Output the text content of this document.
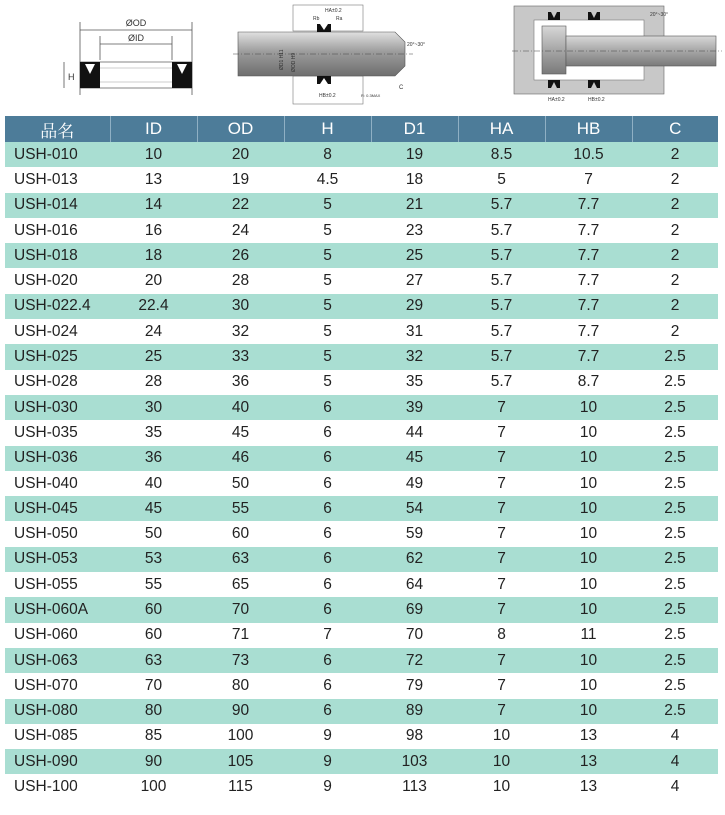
ØOD
ØID
H
HA±0.2
Rb	Ra
20°~30°
ØD1 H11 ØOD H9
HB±0.2
C
R: 0.3MAX
20°~30°
HA±0.2	HB±0.2
品名	ID	OD	H	D1	HA	HB	C
USH-010	10	20	8	19	8.5	10.5	2
USH-013	13	19	4.5	18	5	7	2
USH-014	14	22	5	21	5.7	7.7	2
USH-016	16	24	5	23	5.7	7.7	2
USH-018	18	26	5	25	5.7	7.7	2
USH-020	20	28	5	27	5.7	7.7	2
USH-022.4	22.4	30	5	29	5.7	7.7	2
USH-024	24	32	5	31	5.7	7.7	2
USH-025	25	33	5	32	5.7	7.7	2.5
USH-028	28	36	5	35	5.7	8.7	2.5
USH-030	30	40	6	39	7	10	2.5
USH-035	35	45	6	44	7	10	2.5
USH-036	36	46	6	45	7	10	2.5
USH-040	40	50	6	49	7	10	2.5
USH-045	45	55	6	54	7	10	2.5
USH-050	50	60	6	59	7	10	2.5
USH-053	53	63	6	62	7	10	2.5
USH-055	55	65	6	64	7	10	2.5
USH-060A	60	70	6	69	7	10	2.5
USH-060	60	71	7	70	8	11	2.5
USH-063	63	73	6	72	7	10	2.5
USH-070	70	80	6	79	7	10	2.5
USH-080	80	90	6	89	7	10	2.5
USH-085	85	100	9	98	10	13	4
USH-090	90	105	9	103	10	13	4
USH-100	100	115	9	113	10	13	4
